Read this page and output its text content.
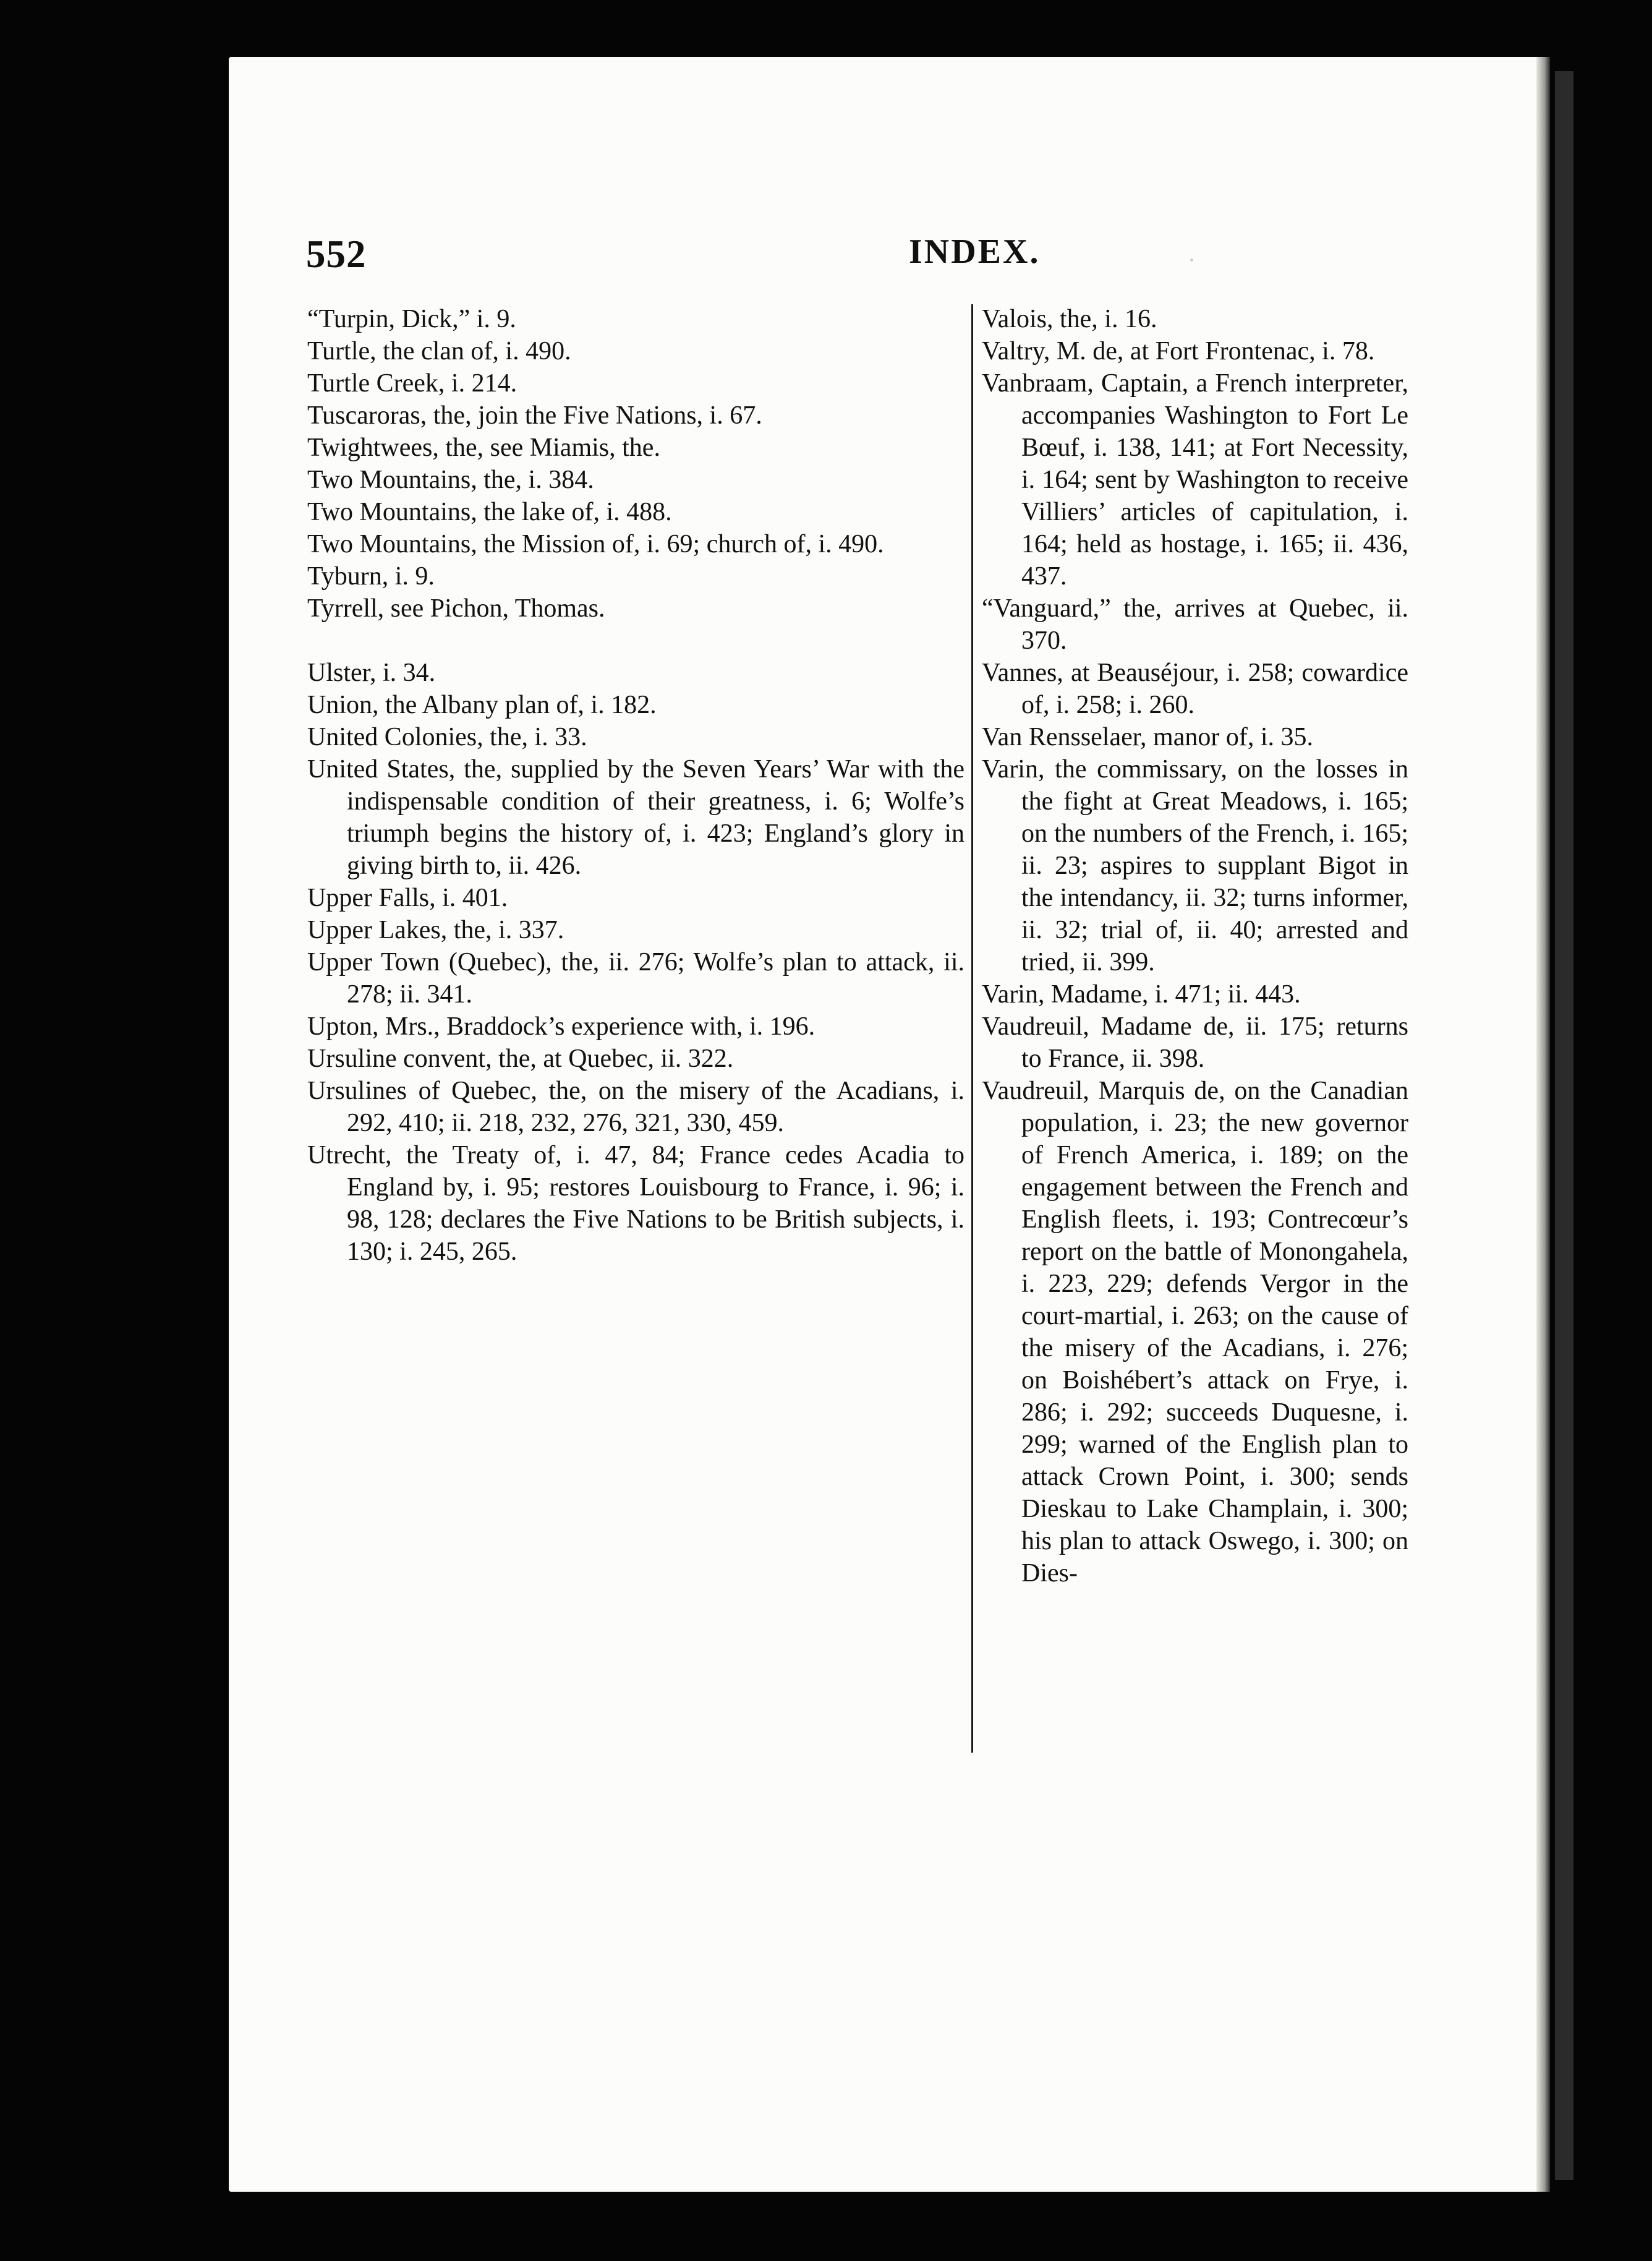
552	INDEX.
“Turpin, Dick,” i. 9.
Turtle, the clan of, i. 490.
Turtle Creek, i. 214.
Tuscaroras, the, join the Five Nations, i. 67.
Twightwees, the, see Miamis, the.
Two Mountains, the, i. 384.
Two Mountains, the lake of, i. 488.
Two Mountains, the Mission of, i. 69; church of, i. 490.
Tyburn, i. 9.
Tyrrell, see Pichon, Thomas.
Ulster, i. 34.
Union, the Albany plan of, i. 182.
United Colonies, the, i. 33.
United States, the, supplied by the Seven Years’ War with the indispensable condition of their greatness, i. 6; Wolfe’s triumph begins the history of, i. 423; England’s glory in giving birth to, ii. 426.
Upper Falls, i. 401.
Upper Lakes, the, i. 337.
Upper Town (Quebec), the, ii. 276; Wolfe’s plan to attack, ii. 278; ii. 341.
Upton, Mrs., Braddock’s experience with, i. 196.
Ursuline convent, the, at Quebec, ii. 322.
Ursulines of Quebec, the, on the misery of the Acadians, i. 292, 410; ii. 218, 232, 276, 321, 330, 459.
Utrecht, the Treaty of, i. 47, 84; France cedes Acadia to England by, i. 95; restores Louisbourg to France, i. 96; i. 98, 128; declares the Five Nations to be British subjects, i. 130; i. 245, 265.
Valois, the, i. 16.
Valtry, M. de, at Fort Frontenac, i. 78.
Vanbraam, Captain, a French interpreter, accompanies Washington to Fort Le Bœuf, i. 138, 141; at Fort Necessity, i. 164; sent by Washington to receive Villiers’ articles of capitulation, i. 164; held as hostage, i. 165; ii. 436, 437.
“Vanguard,” the, arrives at Quebec, ii. 370.
Vannes, at Beauséjour, i. 258; cowardice of, i. 258; i. 260.
Van Rensselaer, manor of, i. 35.
Varin, the commissary, on the losses in the fight at Great Meadows, i. 165; on the numbers of the French, i. 165; ii. 23; aspires to supplant Bigot in the intendancy, ii. 32; turns informer, ii. 32; trial of, ii. 40; arrested and tried, ii. 399.
Varin, Madame, i. 471; ii. 443.
Vaudreuil, Madame de, ii. 175; returns to France, ii. 398.
Vaudreuil, Marquis de, on the Canadian population, i. 23; the new governor of French America, i. 189; on the engagement between the French and English fleets, i. 193; Contrecœur’s report on the battle of Monongahela, i. 223, 229; defends Vergor in the court-martial, i. 263; on the cause of the misery of the Acadians, i. 276; on Boishébert’s attack on Frye, i. 286; i. 292; succeeds Duquesne, i. 299; warned of the English plan to attack Crown Point, i. 300; sends Dieskau to Lake Champlain, i. 300; his plan to attack Oswego, i. 300; on Dies-
